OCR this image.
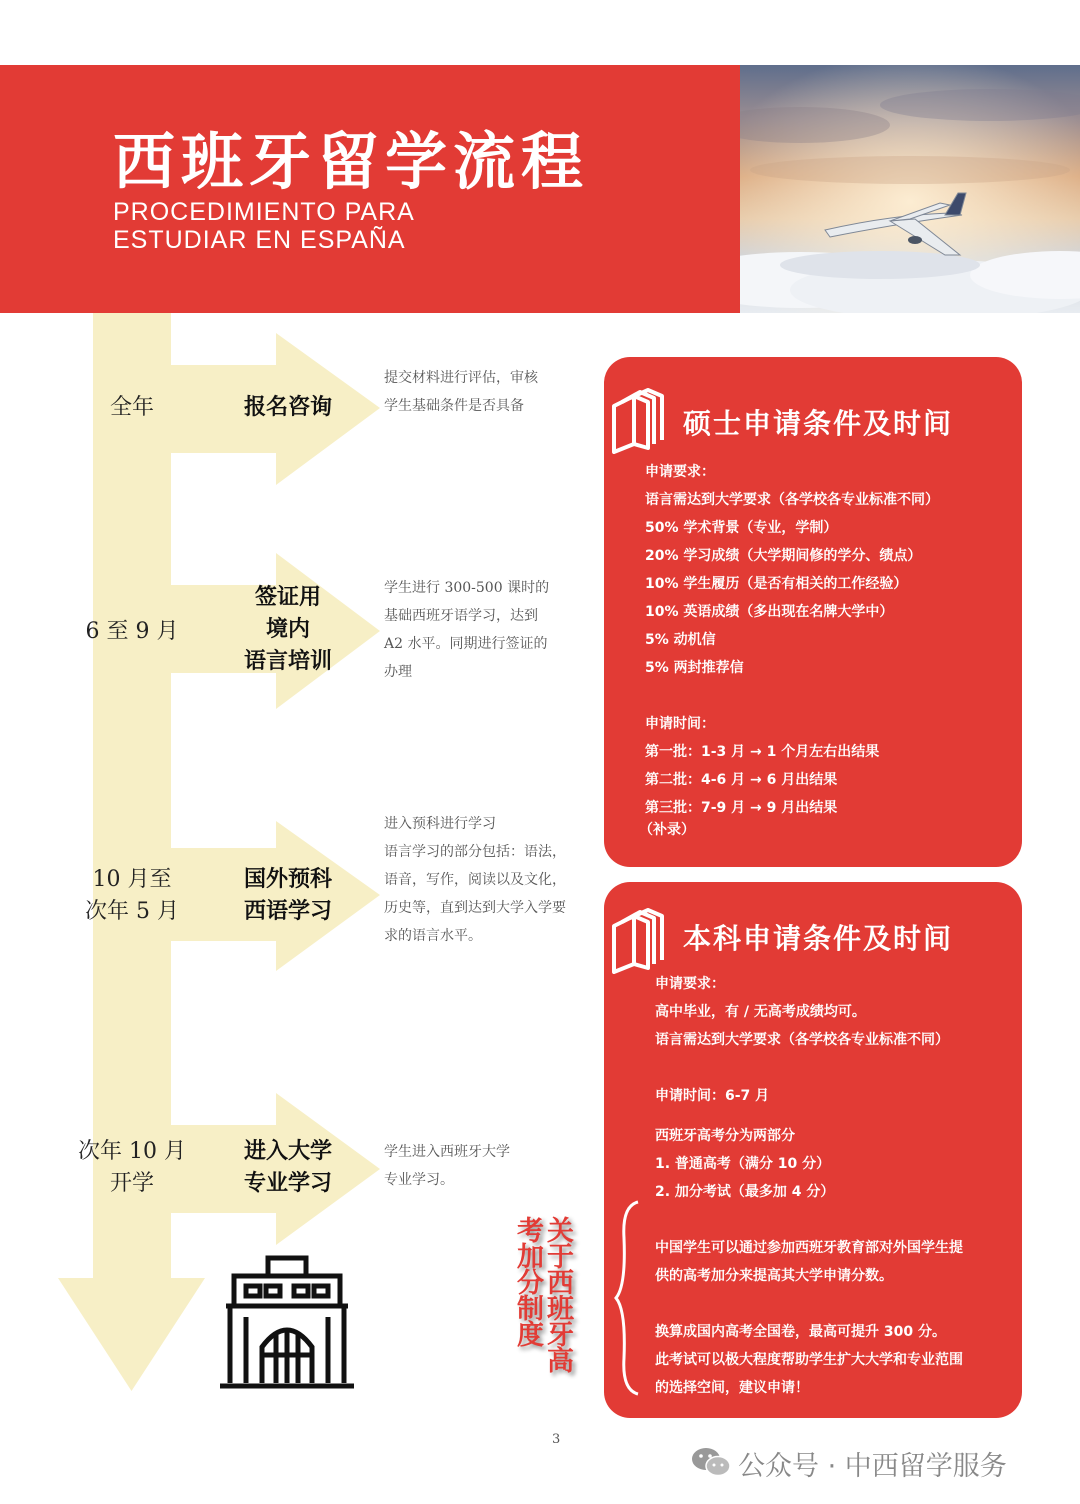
西班牙留学流程
PROCEDIMIENTO PARA
ESTUDIAR EN ESPAÑA
全年	报名咨询
提交材料进行评估，审核
学生基础条件是否具备
6 至 9 月
签证用
境内
语言培训
学生进行 300-500 课时的
基础西班牙语学习，达到
A2 水平。同期进行签证的
办理
10 月至
次年 5 月
国外预科
西语学习
进入预科进行学习
语言学习的部分包括：语法，
语音，写作，阅读以及文化，
历史等，直到达到大学入学要
求的语言水平。
次年 10 月
开学
进入大学
专业学习
学生进入西班牙大学
专业学习。
硕士申请条件及时间
申请要求：
语言需达到大学要求（各学校各专业标准不同）
50% 学术背景（专业，学制）
20% 学习成绩（大学期间修的学分、绩点）
10% 学生履历（是否有相关的工作经验）
10% 英语成绩（多出现在名牌大学中）
5% 动机信
5% 两封推荐信

申请时间：
第一批：1-3 月 → 1 个月左右出结果
第二批：4-6 月 → 6 月出结果
第三批：7-9 月 → 9 月出结果
（补录）
本科申请条件及时间
申请要求：
高中毕业，有 / 无高考成绩均可。
语言需达到大学要求（各学校各专业标准不同）

申请时间：6-7 月

西班牙高考分为两部分
1. 普通高考（满分 10 分）
2. 加分考试（最多加 4 分）
中国学生可以通过参加西班牙教育部对外国学生提
供的高考加分来提高其大学申请分数。

换算成国内高考全国卷，最高可提升 300 分。
此考试可以极大程度帮助学生扩大大学和专业范围
的选择空间，建议申请！
关于西班牙高考加分制度
3
公众号 · 中西留学服务
